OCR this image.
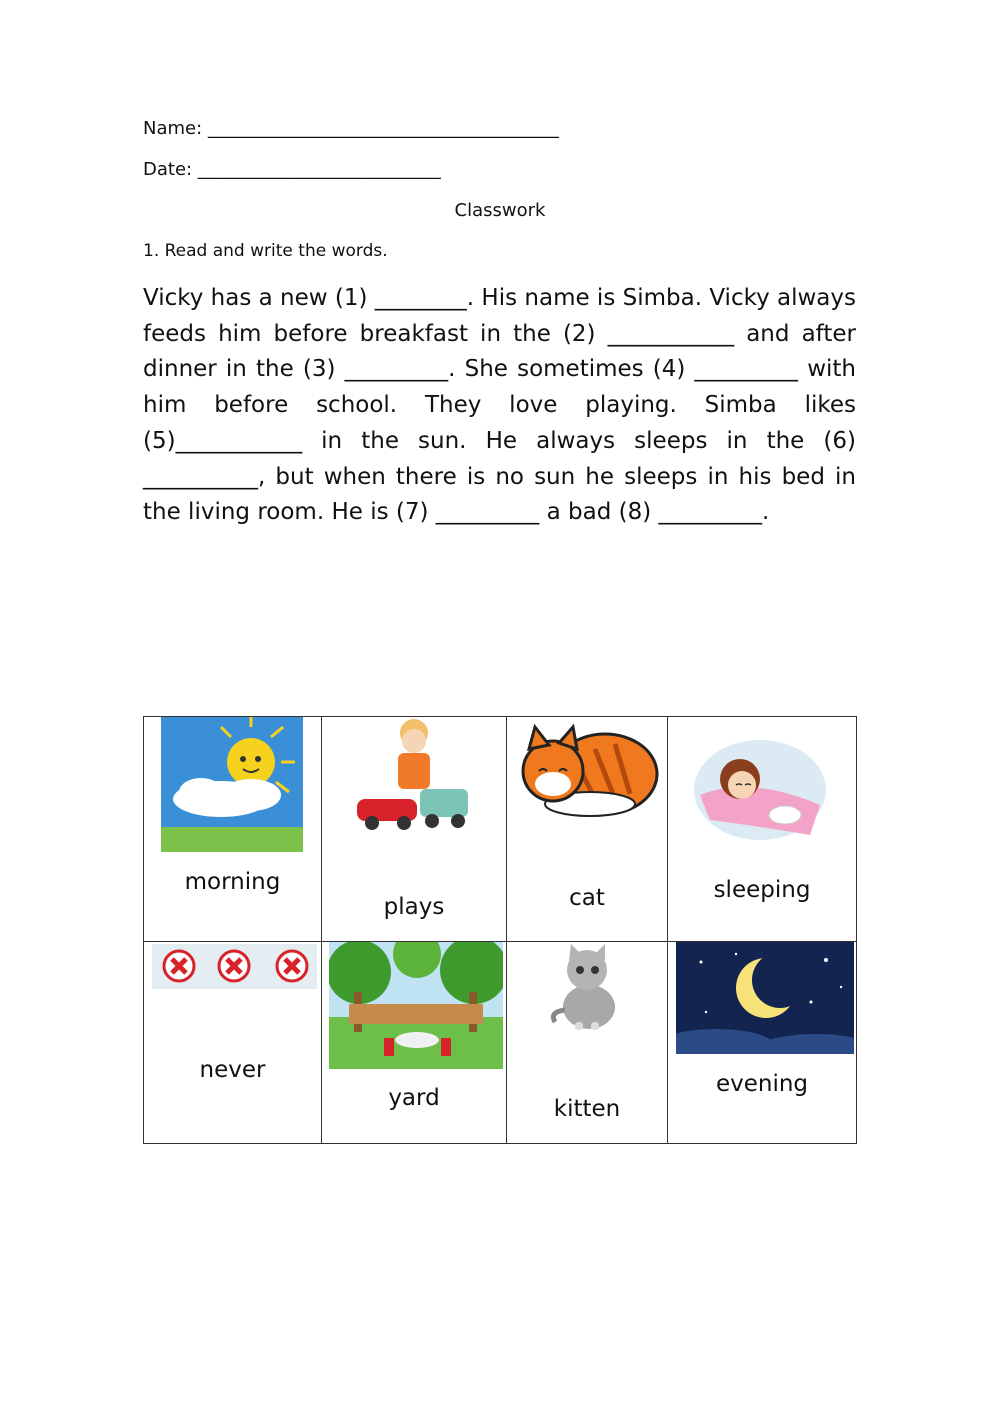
Name: _______________________________________
Date: ___________________________
Classwork
1. Read and write the words.

Vicky has a new (1) ________. His name is Simba. Vicky always feeds him before breakfast in the (2) ___________ and after dinner in the (3) _________. She sometimes (4) _________ with him before school. They love playing. Simba likes (5)___________ in the sun. He always sleeps in the (6) __________, but when there is no sun he sleeps in his bed in the living room. He is (7) _________ a bad (8) _________.

morning	plays	cat	sleeping

never	yard	kitten	evening
